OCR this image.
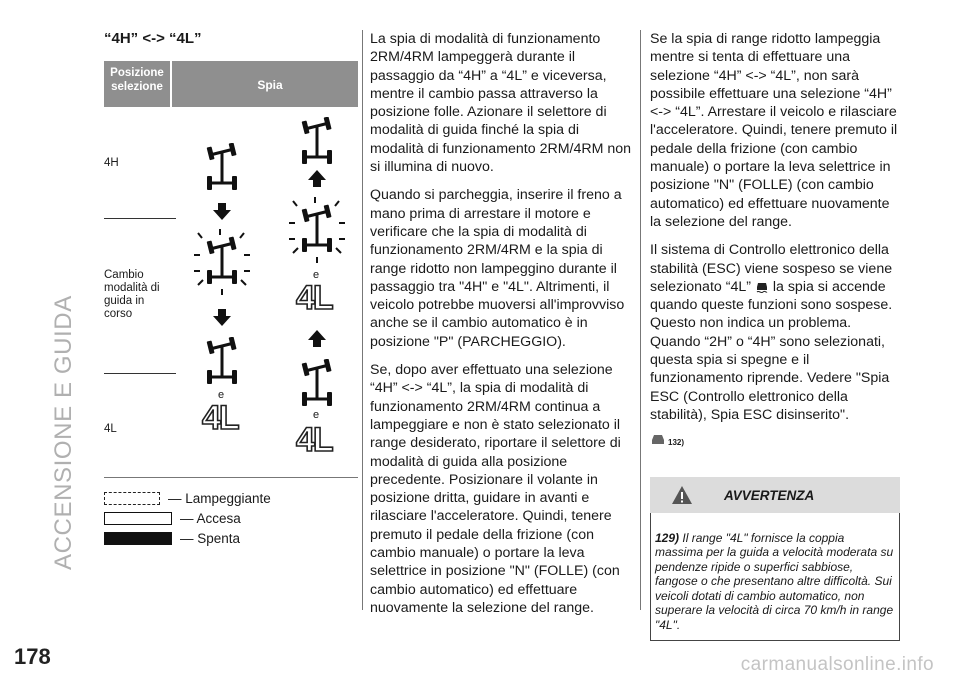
ACCENSIONE E GUIDA
178	carmanualsonline.info
“4H” <-> “4L”
Posizione selezione	Spia
4H
Cambio modalità di guida in corso
4L
e
4L
e
4L
e
4L
— Lampeggiante
— Accesa
— Spenta

La spia di modalità di funzionamento 2RM/4RM lampeggerà durante il passaggio da “4H” a “4L” e viceversa, mentre il cambio passa attraverso la posizione folle. Azionare il selettore di modalità di guida finché la spia di modalità di funzionamento 2RM/4RM non si illumina di nuovo.

Quando si parcheggia, inserire il freno a mano prima di arrestare il motore e verificare che la spia di modalità di funzionamento 2RM/4RM e la spia di range ridotto non lampeggino durante il passaggio tra "4H" e "4L". Altrimenti, il veicolo potrebbe muoversi all'improvviso anche se il cambio automatico è in posizione "P" (PARCHEGGIO).

Se, dopo aver effettuato una selezione “4H” <-> “4L”, la spia di modalità di funzionamento 2RM/4RM continua a lampeggiare e non è stato selezionato il range desiderato, riportare il selettore di modalità di guida alla posizione precedente. Posizionare il volante in posizione dritta, guidare in avanti e rilasciare l'acceleratore. Quindi, tenere premuto il pedale della frizione (con cambio manuale) o portare la leva selettrice in posizione "N" (FOLLE) (con cambio automatico) ed effettuare nuovamente la selezione del range.

Se la spia di range ridotto lampeggia mentre si tenta di effettuare una selezione “4H” <-> “4L”, non sarà possibile effettuare una selezione “4H” <-> “4L”. Arrestare il veicolo e rilasciare l'acceleratore. Quindi, tenere premuto il pedale della frizione (con cambio manuale) o portare la leva selettrice in posizione "N" (FOLLE) (con cambio automatico) ed effettuare nuovamente la selezione del range.

Il sistema di Controllo elettronico della stabilità (ESC) viene sospeso se viene selezionato “4L” la spia si accende quando queste funzioni sono sospese. Questo non indica un problema. Quando “2H” o “4H” sono selezionati, questa spia si spegne e il funzionamento riprende. Vedere "Spia ESC (Controllo elettronico della stabilità), Spia ESC disinserito".

132)
AVVERTENZA
129) Il range "4L" fornisce la coppia massima per la guida a velocità moderata su pendenze ripide o superfici sabbiose, fangose o che presentano altre difficoltà. Sui veicoli dotati di cambio automatico, non superare la velocità di circa 70 km/h in range "4L".
